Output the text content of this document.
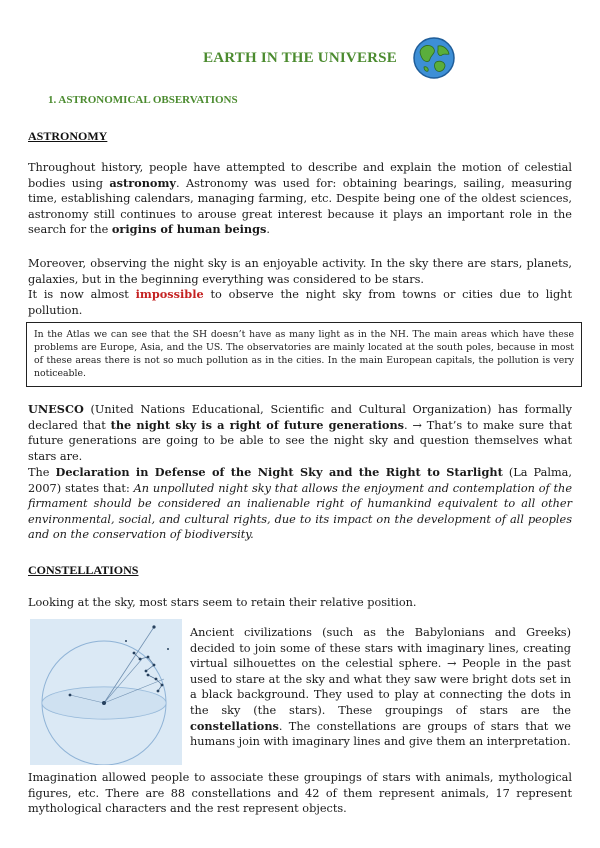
EARTH IN THE UNIVERSE
1. ASTRONOMICAL OBSERVATIONS
ASTRONOMY
Throughout history, people have attempted to describe and explain the motion of celestial bodies using astronomy. Astronomy was used for: obtaining bearings, sailing, measuring time, establishing calendars, managing farming, etc. Despite being one of the oldest sciences, astronomy still continues to arouse great interest because it plays an important role in the search for the origins of human beings.
Moreover, observing the night sky is an enjoyable activity. In the sky there are stars, planets, galaxies, but in the beginning everything was considered to be stars.
It is now almost impossible to observe the night sky from towns or cities due to light pollution.
In the Atlas we can see that the SH doesn’t have as many light as in the NH. The main areas which have these problems are Europe, Asia, and the US. The observatories are mainly located at the south poles, because in most of these areas there is not so much pollution as in the cities. In the main European capitals, the pollution is very noticeable.
UNESCO (United Nations Educational, Scientific and Cultural Organization) has formally declared that the night sky is a right of future generations. → That’s to make sure that future generations are going to be able to see the night sky and question themselves what stars are.
The Declaration in Defense of the Night Sky and the Right to Starlight (La Palma, 2007) states that: An unpolluted night sky that allows the enjoyment and contemplation of the firmament should be considered an inalienable right of humankind equivalent to all other environmental, social, and cultural rights, due to its impact on the development of all peoples and on the conservation of biodiversity.
CONSTELLATIONS
Looking at the sky, most stars seem to retain their relative position.
Ancient civilizations (such as the Babylonians and Greeks) decided to join some of these stars with imaginary lines, creating virtual silhouettes on the celestial sphere. → People in the past used to stare at the sky and what they saw were bright dots set in a black background. They used to play at connecting the dots in the sky (the stars). These groupings of stars are the constellations. The constellations are groups of stars that we humans join with imaginary lines and give them an interpretation.
Imagination allowed people to associate these groupings of stars with animals, mythological figures, etc. There are 88 constellations and 42 of them represent animals, 17 represent mythological characters and the rest represent objects.
